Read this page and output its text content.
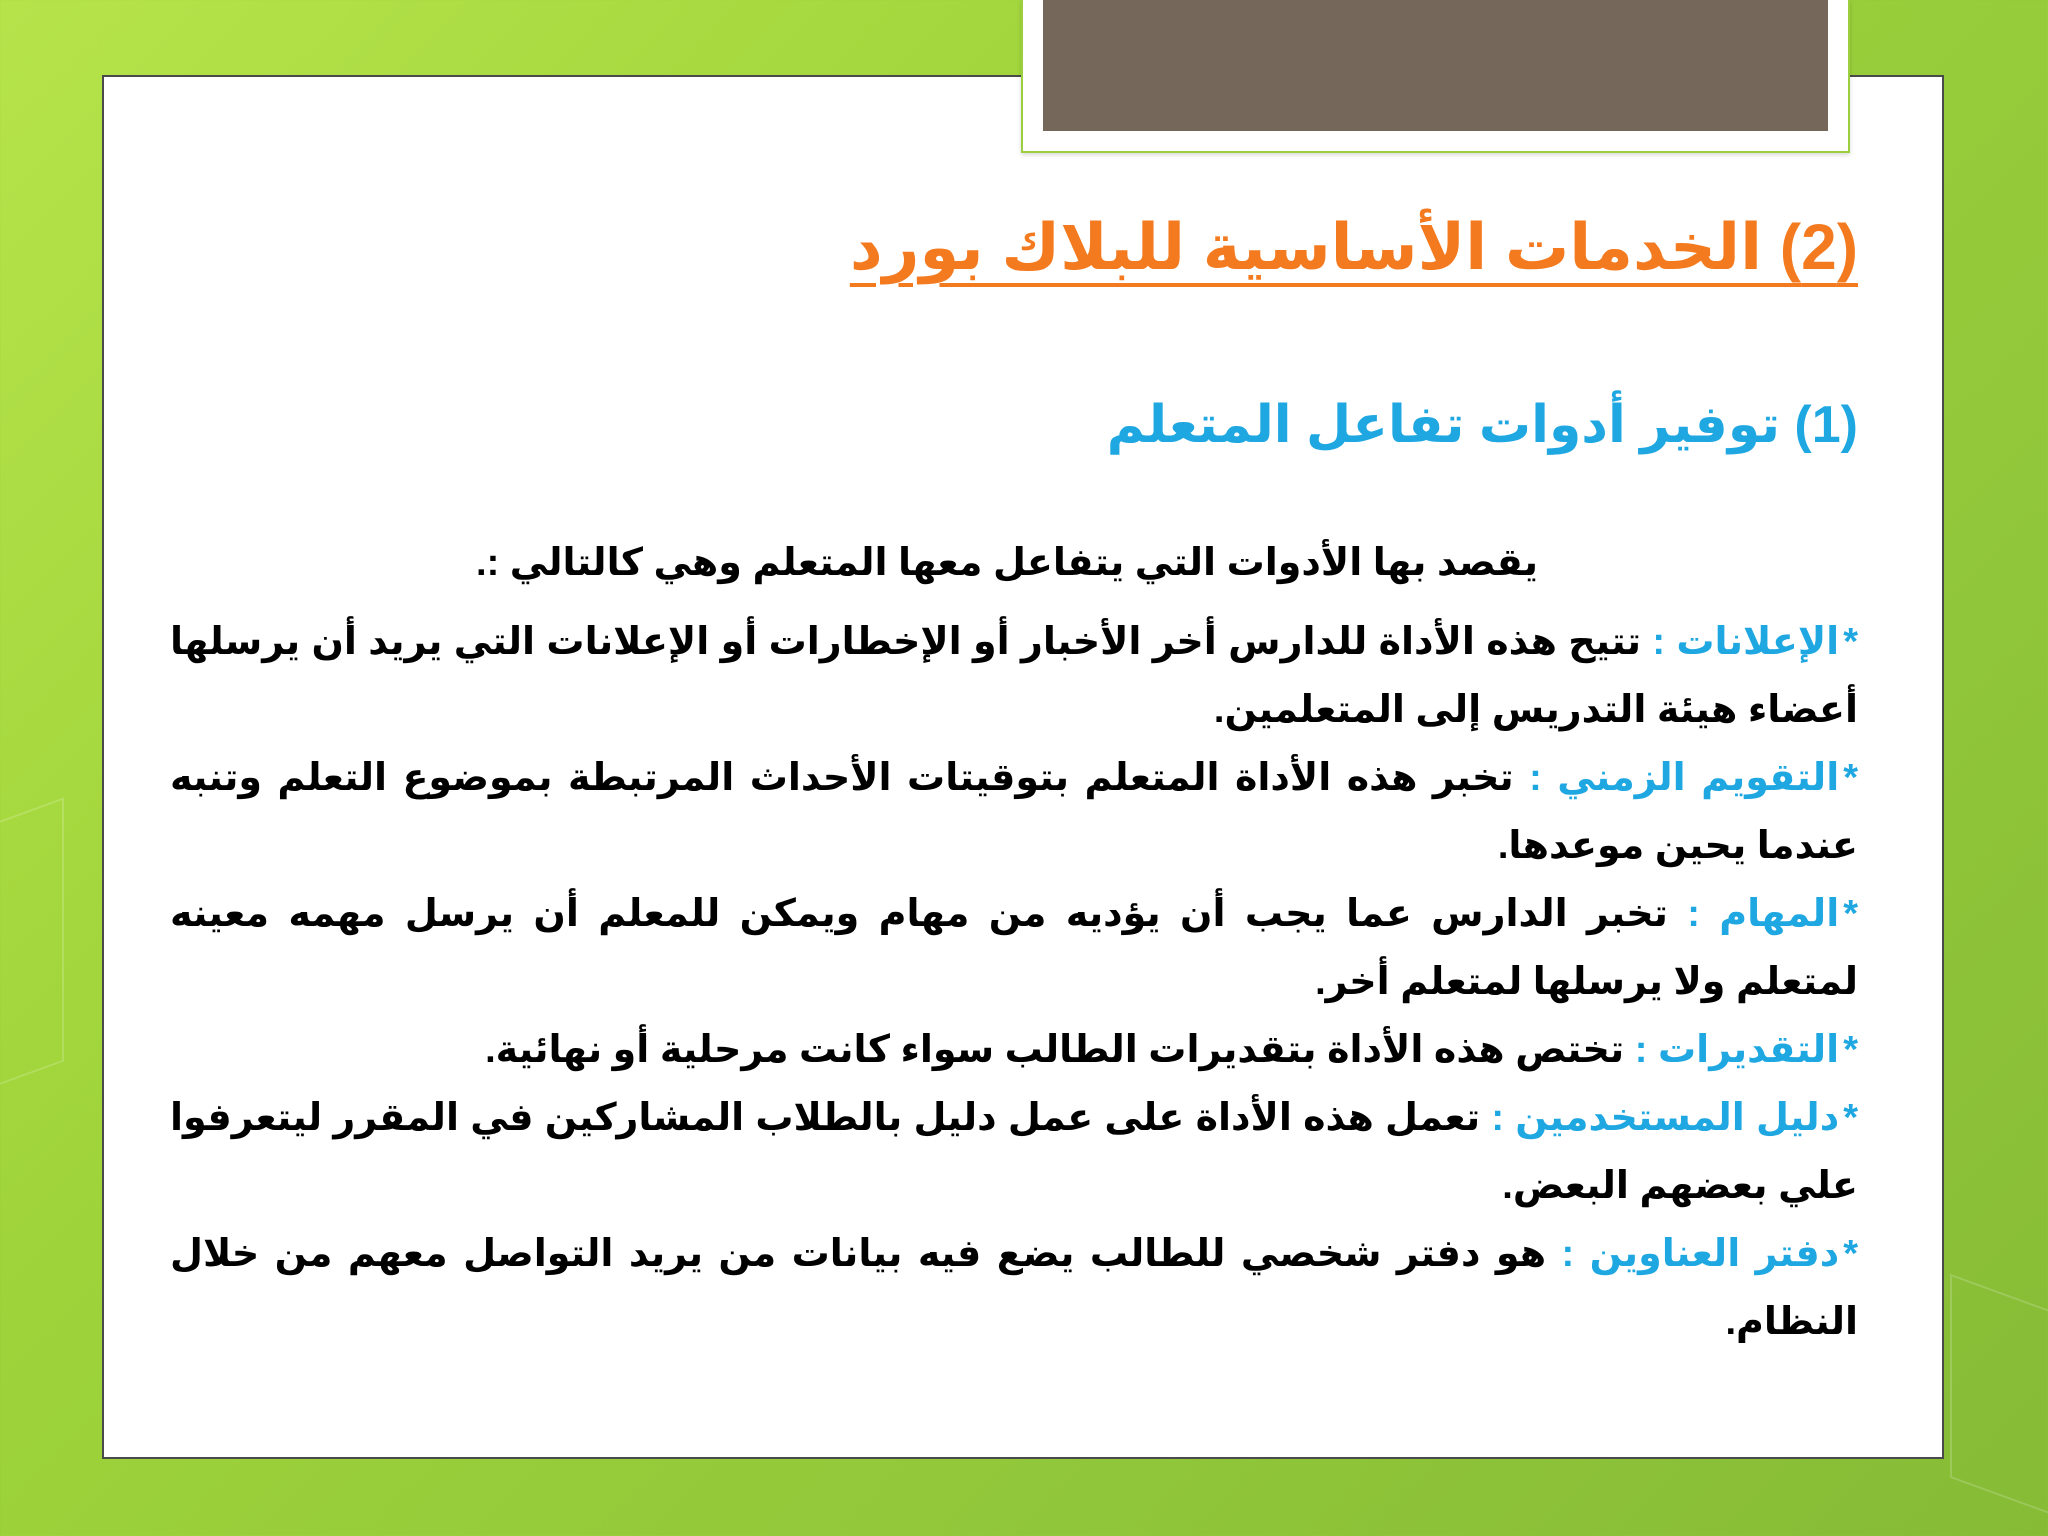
(2) الخدمات الأساسية للبلاك بورد
(1) توفير أدوات تفاعل المتعلم

يقصد بها الأدوات التي يتفاعل معها المتعلم وهي كالتالي :.

*الإعلانات : تتيح هذه الأداة للدارس أخر الأخبار أو الإخطارات أو الإعلانات التي يريد أن يرسلها أعضاء هيئة التدريس إلى المتعلمين.
*التقويم الزمني : تخبر هذه الأداة المتعلم بتوقيتات الأحداث المرتبطة بموضوع التعلم وتنبه عندما يحين موعدها.
*المهام : تخبر الدارس عما يجب أن يؤديه من مهام ويمكن للمعلم أن يرسل مهمه معينه لمتعلم ولا يرسلها لمتعلم أخر.
*التقديرات : تختص هذه الأداة بتقديرات الطالب سواء كانت مرحلية أو نهائية.
*دليل المستخدمين : تعمل هذه الأداة على عمل دليل بالطلاب المشاركين في المقرر ليتعرفوا علي بعضهم البعض.
*دفتر العناوين : هو دفتر شخصي للطالب يضع فيه بيانات من يريد التواصل معهم من خلال النظام.
